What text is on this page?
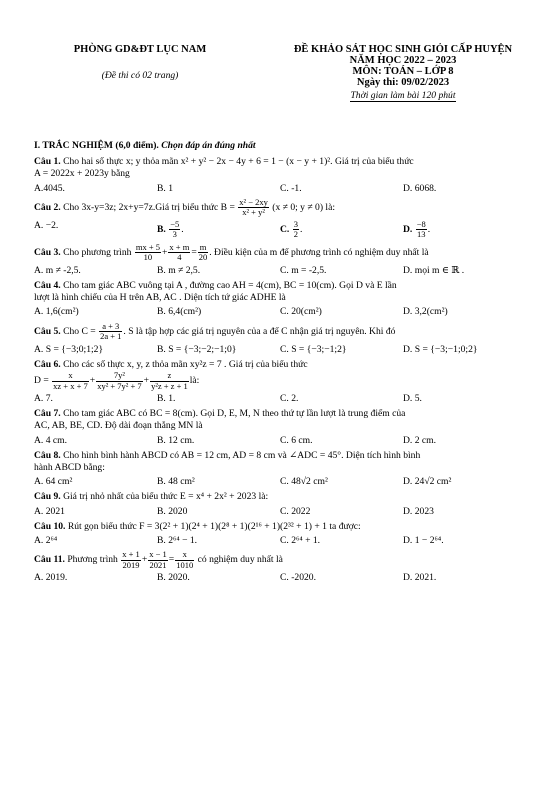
PHÒNG GD&ĐT LỤC NAM
(Đề thi có 02 trang)
ĐỀ KHẢO SÁT HỌC SINH GIỎI CẤP HUYỆN
NĂM HỌC 2022 – 2023
MÔN: TOÁN – LỚP 8
Ngày thi: 09/02/2023
Thời gian làm bài 120 phút
I. TRẮC NGHIỆM (6,0 điểm). Chọn đáp án đúng nhất
Câu 1. Cho hai số thực x; y thỏa mãn x² + y² − 2x − 4y + 6 = 1 − (x − y + 1)². Giá trị của biểu thức
A = 2022x + 2023y bằng
A.4045.	B. 1	C. -1.	D. 6068.
Câu 2. Cho 3x-y=3z; 2x+y=7z.Giá trị biểu thức $B = \frac{\text{x² − 2xy}}{\text{x² + y²}} (x \ne 0$; y ≠ 0) là:
A. −2.	B. $\frac{-5}{3}$ .	C. $\frac{3}{2}$ .	D. $\frac{-8}{13}$ .
Câu 3. Cho phương trình $\frac{mx + 5}{10} + \frac{x + m}{4} = \frac{m}{20}$ . Điều kiện của m để phương trình có nghiệm duy nhất là
A. m ≠ -2,5.	B. m ≠ 2,5.	C. m = -2,5.	D. mọi m ∈ ℝ .
Câu 4. Cho tam giác ABC vuông tại A , đường cao AH = 4(cm), BC = 10(cm). Gọi D và E lần
lượt là hình chiếu của H trên AB, AC . Diện tích tứ giác ADHE là
A. 1,6(cm²)	B. 6,4(cm²)	C. 20(cm²)	D. 3,2(cm²)
Câu 5. Cho $C = \frac{a + 3}{2a + 1}$ . S là tập hợp các giá trị nguyên của a để C nhận giá trị nguyên. Khi đó
A. S = {−3;0;1;2}	B. S = {−3;−2;−1;0}	C. S = {−3;−1;2}	D. S = {−3;−1;0;2}
Câu 6. Cho các số thực x, y, z thỏa mãn xy²z = 7 . Giá trị của biểu thức
$D = \frac{x}{xz + x + 7} + \frac{\text{7y²}}{\text{xy² + 7y² + 7}} + \frac{z}{\text{y²z + z + 1}}$ là:
A. 7.	B. 1.	C. 2.	D. 5.
Câu 7. Cho tam giác ABC có BC = 8(cm). Gọi D, E, M, N theo thứ tự lần lượt là trung điểm của
AC, AB, BE, CD. Độ dài đoạn thẳng MN là
A. 4 cm.	B. 12 cm.	C. 6 cm.	D. 2 cm.
Câu 8. Cho hình bình hành ABCD có AB = 12 cm, AD = 8 cm và ∠ADC = 45°. Diện tích hình bình
hành ABCD bằng:
A. 64 cm²	B. 48 cm²	C. 48√2 cm²	D. 24√2 cm²
Câu 9. Giá trị nhỏ nhất của biểu thức E = x⁴ + 2x² + 2023 là:
A. 2021	B. 2020	C. 2022	D. 2023
Câu 10. Rút gọn biểu thức F = 3(2² + 1)(2⁴ + 1)(2⁸ + 1)(2¹⁶ + 1)(2³² + 1) + 1 ta được:
A. 2⁶⁴	B. 2⁶⁴ − 1.	C. 2⁶⁴ + 1.	D. 1 − 2⁶⁴.
Câu 11. Phương trình $\frac{x + 1}{2019} + \frac{x - 1}{2021} = \frac{x}{1010}$ có nghiệm duy nhất là
A. 2019.	B. 2020.	C. -2020.	D. 2021.
